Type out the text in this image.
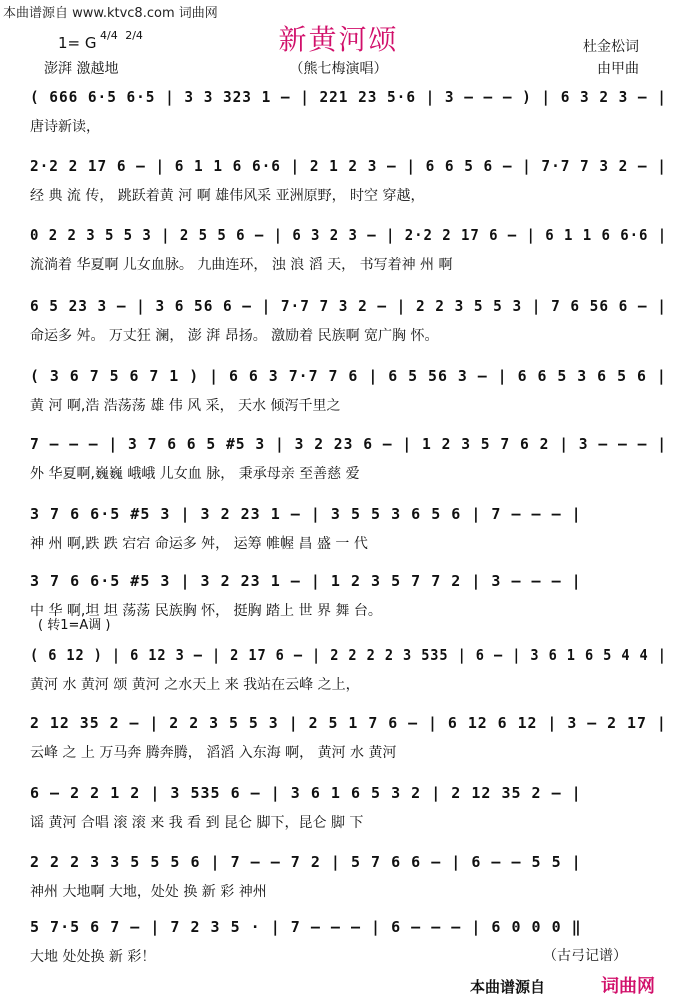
本曲谱源自 www.ktvc8.com 词曲网
新黄河颂
1= G 4/4 2/4
澎湃 激越地	（熊七梅演唱）
杜金松词
由甲曲
( 666 6·5 6·5 | 3 3 323 1 – | 221 23 5·6 | 3 – – – ) | 6 3 2 3 – |
唐诗新读，
2·2 2 17 6 – | 6 1 1 6 6·6 | 2 1 2 3 – | 6 6 5 6 – | 7·7 7 3 2 – |
经 典 流 传， 跳跃着黄 河 啊 雄伟风采 亚洲原野， 时空 穿越，
0 2 2 3 5 5 3 | 2 5 5 6 – | 6 3 2 3 – | 2·2 2 17 6 – | 6 1 1 6 6·6 |
流淌着 华夏啊 儿女血脉。 九曲连环， 浊 浪 滔 天， 书写着神 州 啊
6 5 23 3 – | 3 6 56 6 – | 7·7 7 3 2 – | 2 2 3 5 5 3 | 7 6 56 6 – |
命运多 舛。 万丈狂 澜， 澎 湃 昂扬。 激励着 民族啊 宽广胸 怀。
( 3 6 7 5 6 7 1 ) | 6 6 3 7·7 7 6 | 6 5 56 3 – | 6 6 5 3 6 5 6 |
黄 河 啊,浩 浩荡荡 雄 伟 风 采， 天水 倾泻千里之
7 – – – | 3 7 6 6 5 #5 3 | 3 2 23 6 – | 1 2 3 5 7 6 2 | 3 – – – |
外 华夏啊,巍巍 峨峨 儿女血 脉， 秉承母亲 至善慈 爱
3 7 6 6·5 #5 3 | 3 2 23 1 – | 3 5 5 3 6 5 6 | 7 – – – |
神 州 啊,跌 跌 宕宕 命运多 舛， 运筹 帷幄 昌 盛 一 代
3 7 6 6·5 #5 3 | 3 2 23 1 – | 1 2 3 5 7 7 2 | 3 – – – |
中 华 啊,坦 坦 荡荡 民族胸 怀， 挺胸 踏上 世 界 舞 台。
( 转1=A调 )
( 6 12 ) | 6 12 3 – | 2 17 6 – | 2 2 2 2 3 535 | 6 – | 3 6 1 6 5 4 4 |
黄河 水 黄河 颂 黄河 之水天上 来 我站在云峰 之上，
2 12 35 2 – | 2 2 3 5 5 3 | 2 5 1 7 6 – | 6 12 6 12 | 3 – 2 17 |
云峰 之 上 万马奔 腾奔腾， 滔滔 入东海 啊， 黄河 水 黄河
6 – 2 2 1 2 | 3 535 6 – | 3 6 1 6 5 3 2 | 2 12 35 2 – |
谣 黄河 合唱 滚 滚 来 我 看 到 昆仑 脚下，昆仑 脚 下
2 2 2 3 3 5 5 5 6 | 7 – – 7 2 | 5 7 6 6 – | 6 – – 5 5 |
神州 大地啊 大地，处处 换 新 彩 神州
5 7·5 6 7 – | 7 2 3 5 · | 7 – – – | 6 – – – | 6 0 0 0 ‖
大地 处处换 新 彩！	（古弓记谱）
本曲谱源自	词曲网
